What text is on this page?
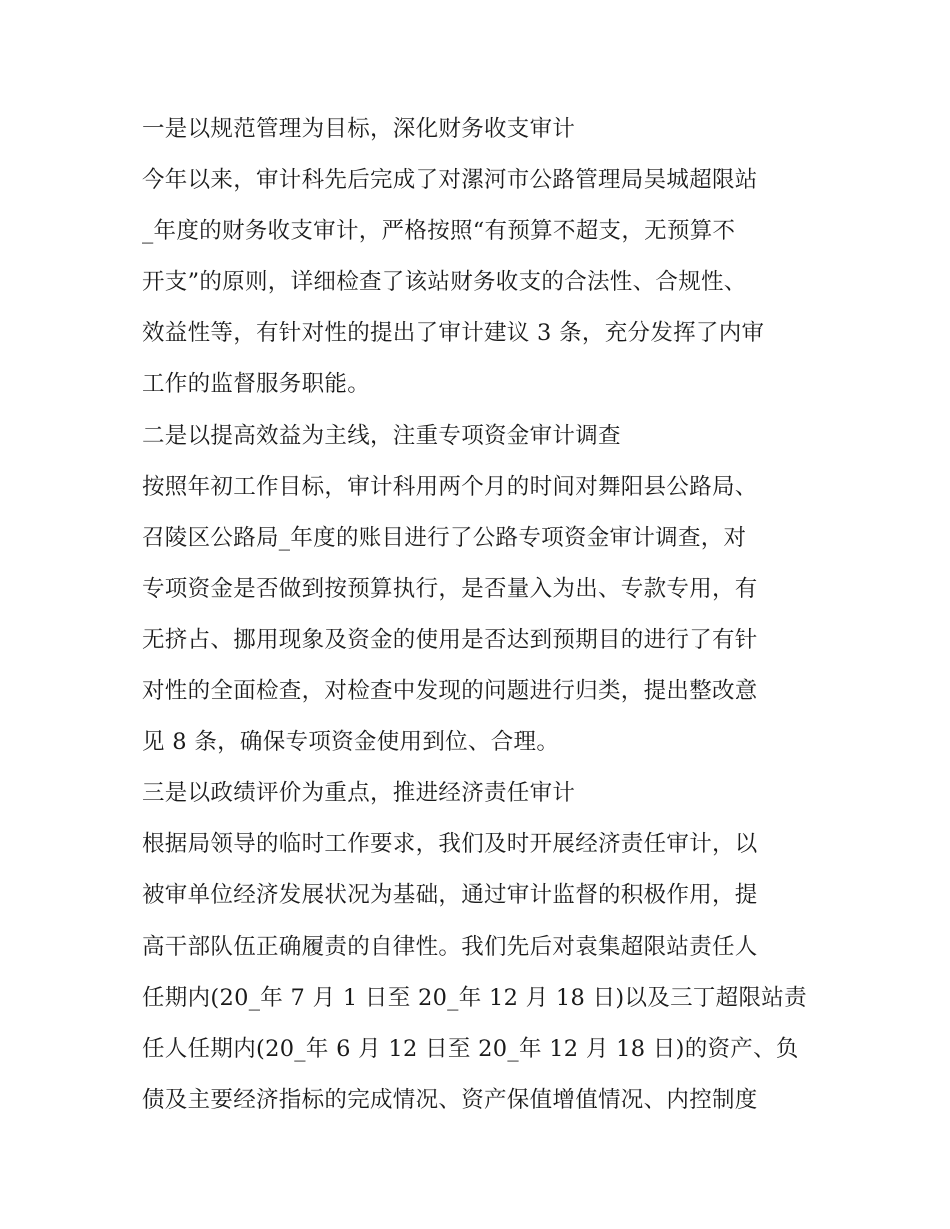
一是以规范管理为目标，深化财务收支审计
今年以来，审计科先后完成了对漯河市公路管理局吴城超限站
_年度的财务收支审计，严格按照“有预算不超支，无预算不
开支”的原则，详细检查了该站财务收支的合法性、合规性、
效益性等，有针对性的提出了审计建议 3 条，充分发挥了内审
工作的监督服务职能。
二是以提高效益为主线，注重专项资金审计调查
按照年初工作目标，审计科用两个月的时间对舞阳县公路局、
召陵区公路局_年度的账目进行了公路专项资金审计调查，对
专项资金是否做到按预算执行，是否量入为出、专款专用，有
无挤占、挪用现象及资金的使用是否达到预期目的进行了有针
对性的全面检查，对检查中发现的问题进行归类，提出整改意
见 8 条，确保专项资金使用到位、合理。
三是以政绩评价为重点，推进经济责任审计
根据局领导的临时工作要求，我们及时开展经济责任审计，以
被审单位经济发展状况为基础，通过审计监督的积极作用，提
高干部队伍正确履责的自律性。我们先后对袁集超限站责任人
任期内(20_年 7 月 1 日至 20_年 12 月 18 日)以及三丁超限站责
任人任期内(20_年 6 月 12 日至 20_年 12 月 18 日)的资产、负
债及主要经济指标的完成情况、资产保值增值情况、内控制度
